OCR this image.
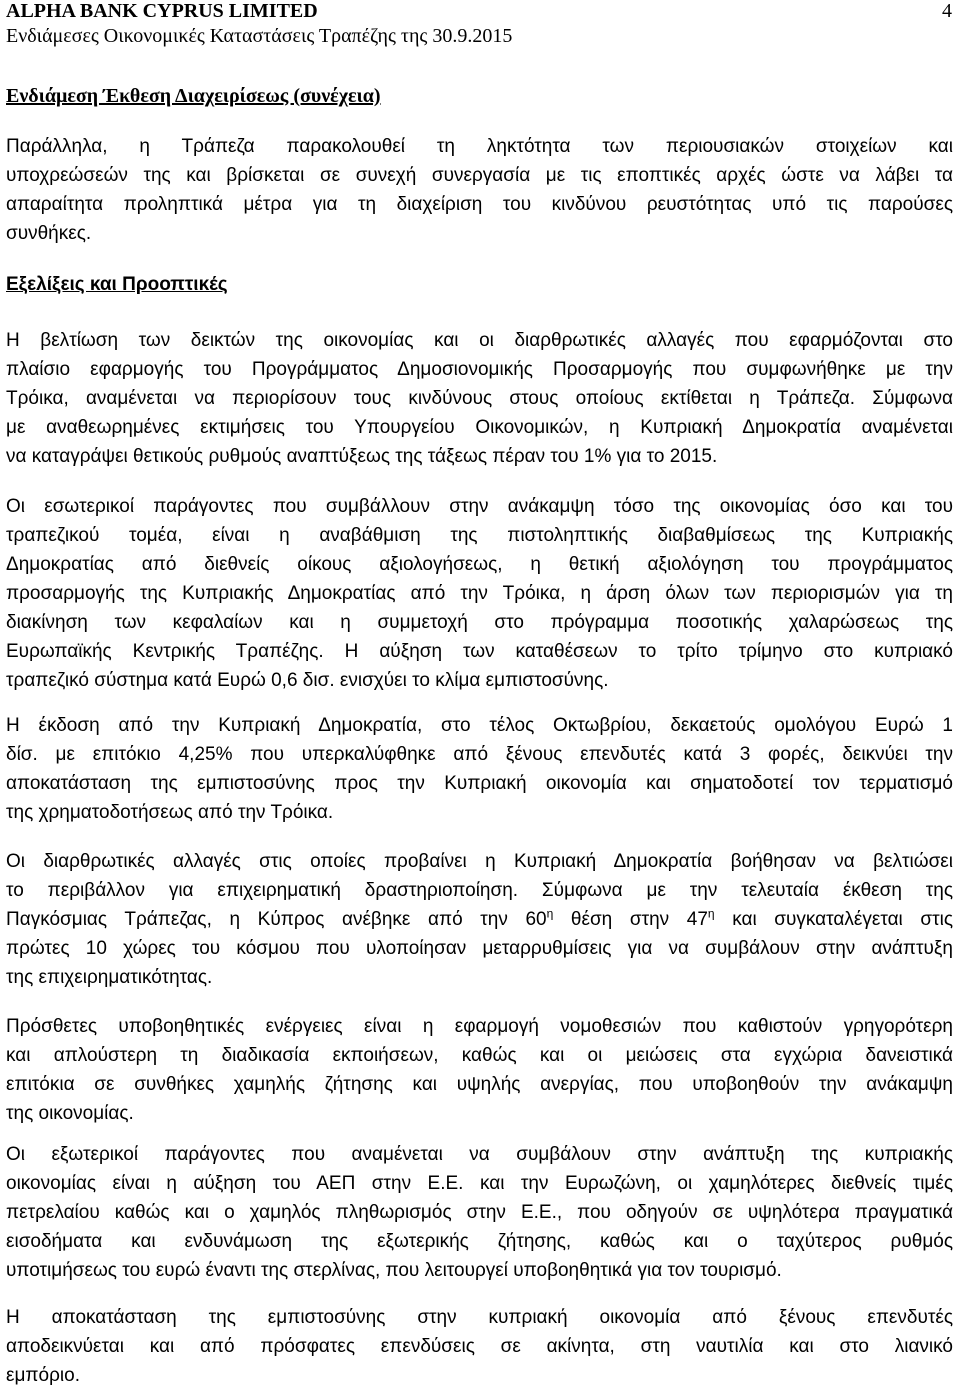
ALPHA BANK CYPRUS LIMITED
Ενδιάμεσες Οικονομικές Καταστάσεις Τραπέζης της 30.9.2015
4
Ενδιάμεση Έκθεση Διαχειρίσεως (συνέχεια)

Παράλληλα, η Τράπεζα παρακολουθεί τη ληκτότητα των περιουσιακών στοιχείων και
υποχρεώσεών της και βρίσκεται σε συνεχή συνεργασία με τις εποπτικές αρχές ώστε να λάβει τα
απαραίτητα προληπτικά μέτρα για τη διαχείριση του κινδύνου ρευστότητας υπό τις παρούσες
συνθήκες.

Εξελίξεις και Προοπτικές

Η βελτίωση των δεικτών της οικονομίας και οι διαρθρωτικές αλλαγές που εφαρμόζονται στο
πλαίσιο εφαρμογής του Προγράμματος Δημοσιονομικής Προσαρμογής που συμφωνήθηκε με την
Τρόικα, αναμένεται να περιορίσουν τους κινδύνους στους οποίους εκτίθεται η Τράπεζα. Σύμφωνα
με αναθεωρημένες εκτιμήσεις του Υπουργείου Οικονομικών, η Κυπριακή Δημοκρατία αναμένεται
να καταγράψει θετικούς ρυθμούς αναπτύξεως της τάξεως πέραν του 1% για το 2015.

Οι εσωτερικοί παράγοντες που συμβάλλουν στην ανάκαμψη τόσο της οικονομίας όσο και του
τραπεζικού τομέα, είναι η αναβάθμιση της πιστοληπτικής διαβαθμίσεως της Κυπριακής
Δημοκρατίας από διεθνείς οίκους αξιολογήσεως, η θετική αξιολόγηση του προγράμματος
προσαρμογής της Κυπριακής Δημοκρατίας από την Τρόικα, η άρση όλων των περιορισμών για τη
διακίνηση των κεφαλαίων και η συμμετοχή στο πρόγραμμα ποσοτικής χαλαρώσεως της
Ευρωπαϊκής Κεντρικής Τραπέζης. Η αύξηση των καταθέσεων το τρίτο τρίμηνο στο κυπριακό
τραπεζικό σύστημα κατά Ευρώ 0,6 δισ. ενισχύει το κλίμα εμπιστοσύνης.

Η έκδοση από την Κυπριακή Δημοκρατία, στο τέλος Οκτωβρίου, δεκαετούς ομολόγου Ευρώ 1
δίσ. με επιτόκιο 4,25% που υπερκαλύφθηκε από ξένους επενδυτές κατά 3 φορές, δεικνύει την
αποκατάσταση της εμπιστοσύνης προς την Κυπριακή οικονομία και σηματοδοτεί τον τερματισμό
της χρηματοδοτήσεως από την Τρόικα.

Οι διαρθρωτικές αλλαγές στις οποίες προβαίνει η Κυπριακή Δημοκρατία βοήθησαν να βελτιώσει
το περιβάλλον για επιχειρηματική δραστηριοποίηση. Σύμφωνα με την τελευταία έκθεση της
Παγκόσμιας Τράπεζας, η Κύπρος ανέβηκε από την $60^\eta$ θέση στην $47^\eta$ και συγκαταλέγεται στις
πρώτες 10 χώρες του κόσμου που υλοποίησαν μεταρρυθμίσεις για να συμβάλουν στην ανάπτυξη
της επιχειρηματικότητας.

Πρόσθετες υποβοηθητικές ενέργειες είναι η εφαρμογή νομοθεσιών που καθιστούν γρηγορότερη
και απλούστερη τη διαδικασία εκποιήσεων, καθώς και οι μειώσεις στα εγχώρια δανειστικά
επιτόκια σε συνθήκες χαμηλής ζήτησης και υψηλής ανεργίας, που υποβοηθούν την ανάκαμψη
της οικονομίας.

Οι εξωτερικοί παράγοντες που αναμένεται να συμβάλουν στην ανάπτυξη της κυπριακής
οικονομίας είναι η αύξηση του ΑΕΠ στην Ε.Ε. και την Ευρωζώνη, οι χαμηλότερες διεθνείς τιμές
πετρελαίου καθώς και ο χαμηλός πληθωρισμός στην Ε.Ε., που οδηγούν σε υψηλότερα πραγματικά
εισοδήματα και ενδυνάμωση της εξωτερικής ζήτησης, καθώς και ο ταχύτερος ρυθμός
υποτιμήσεως του ευρώ έναντι της στερλίνας, που λειτουργεί υποβοηθητικά για τον τουρισμό.

Η αποκατάσταση της εμπιστοσύνης στην κυπριακή οικονομία από ξένους επενδυτές
αποδεικνύεται και από πρόσφατες επενδύσεις σε ακίνητα, στη ναυτιλία και στο λιανικό
εμπόριο.
